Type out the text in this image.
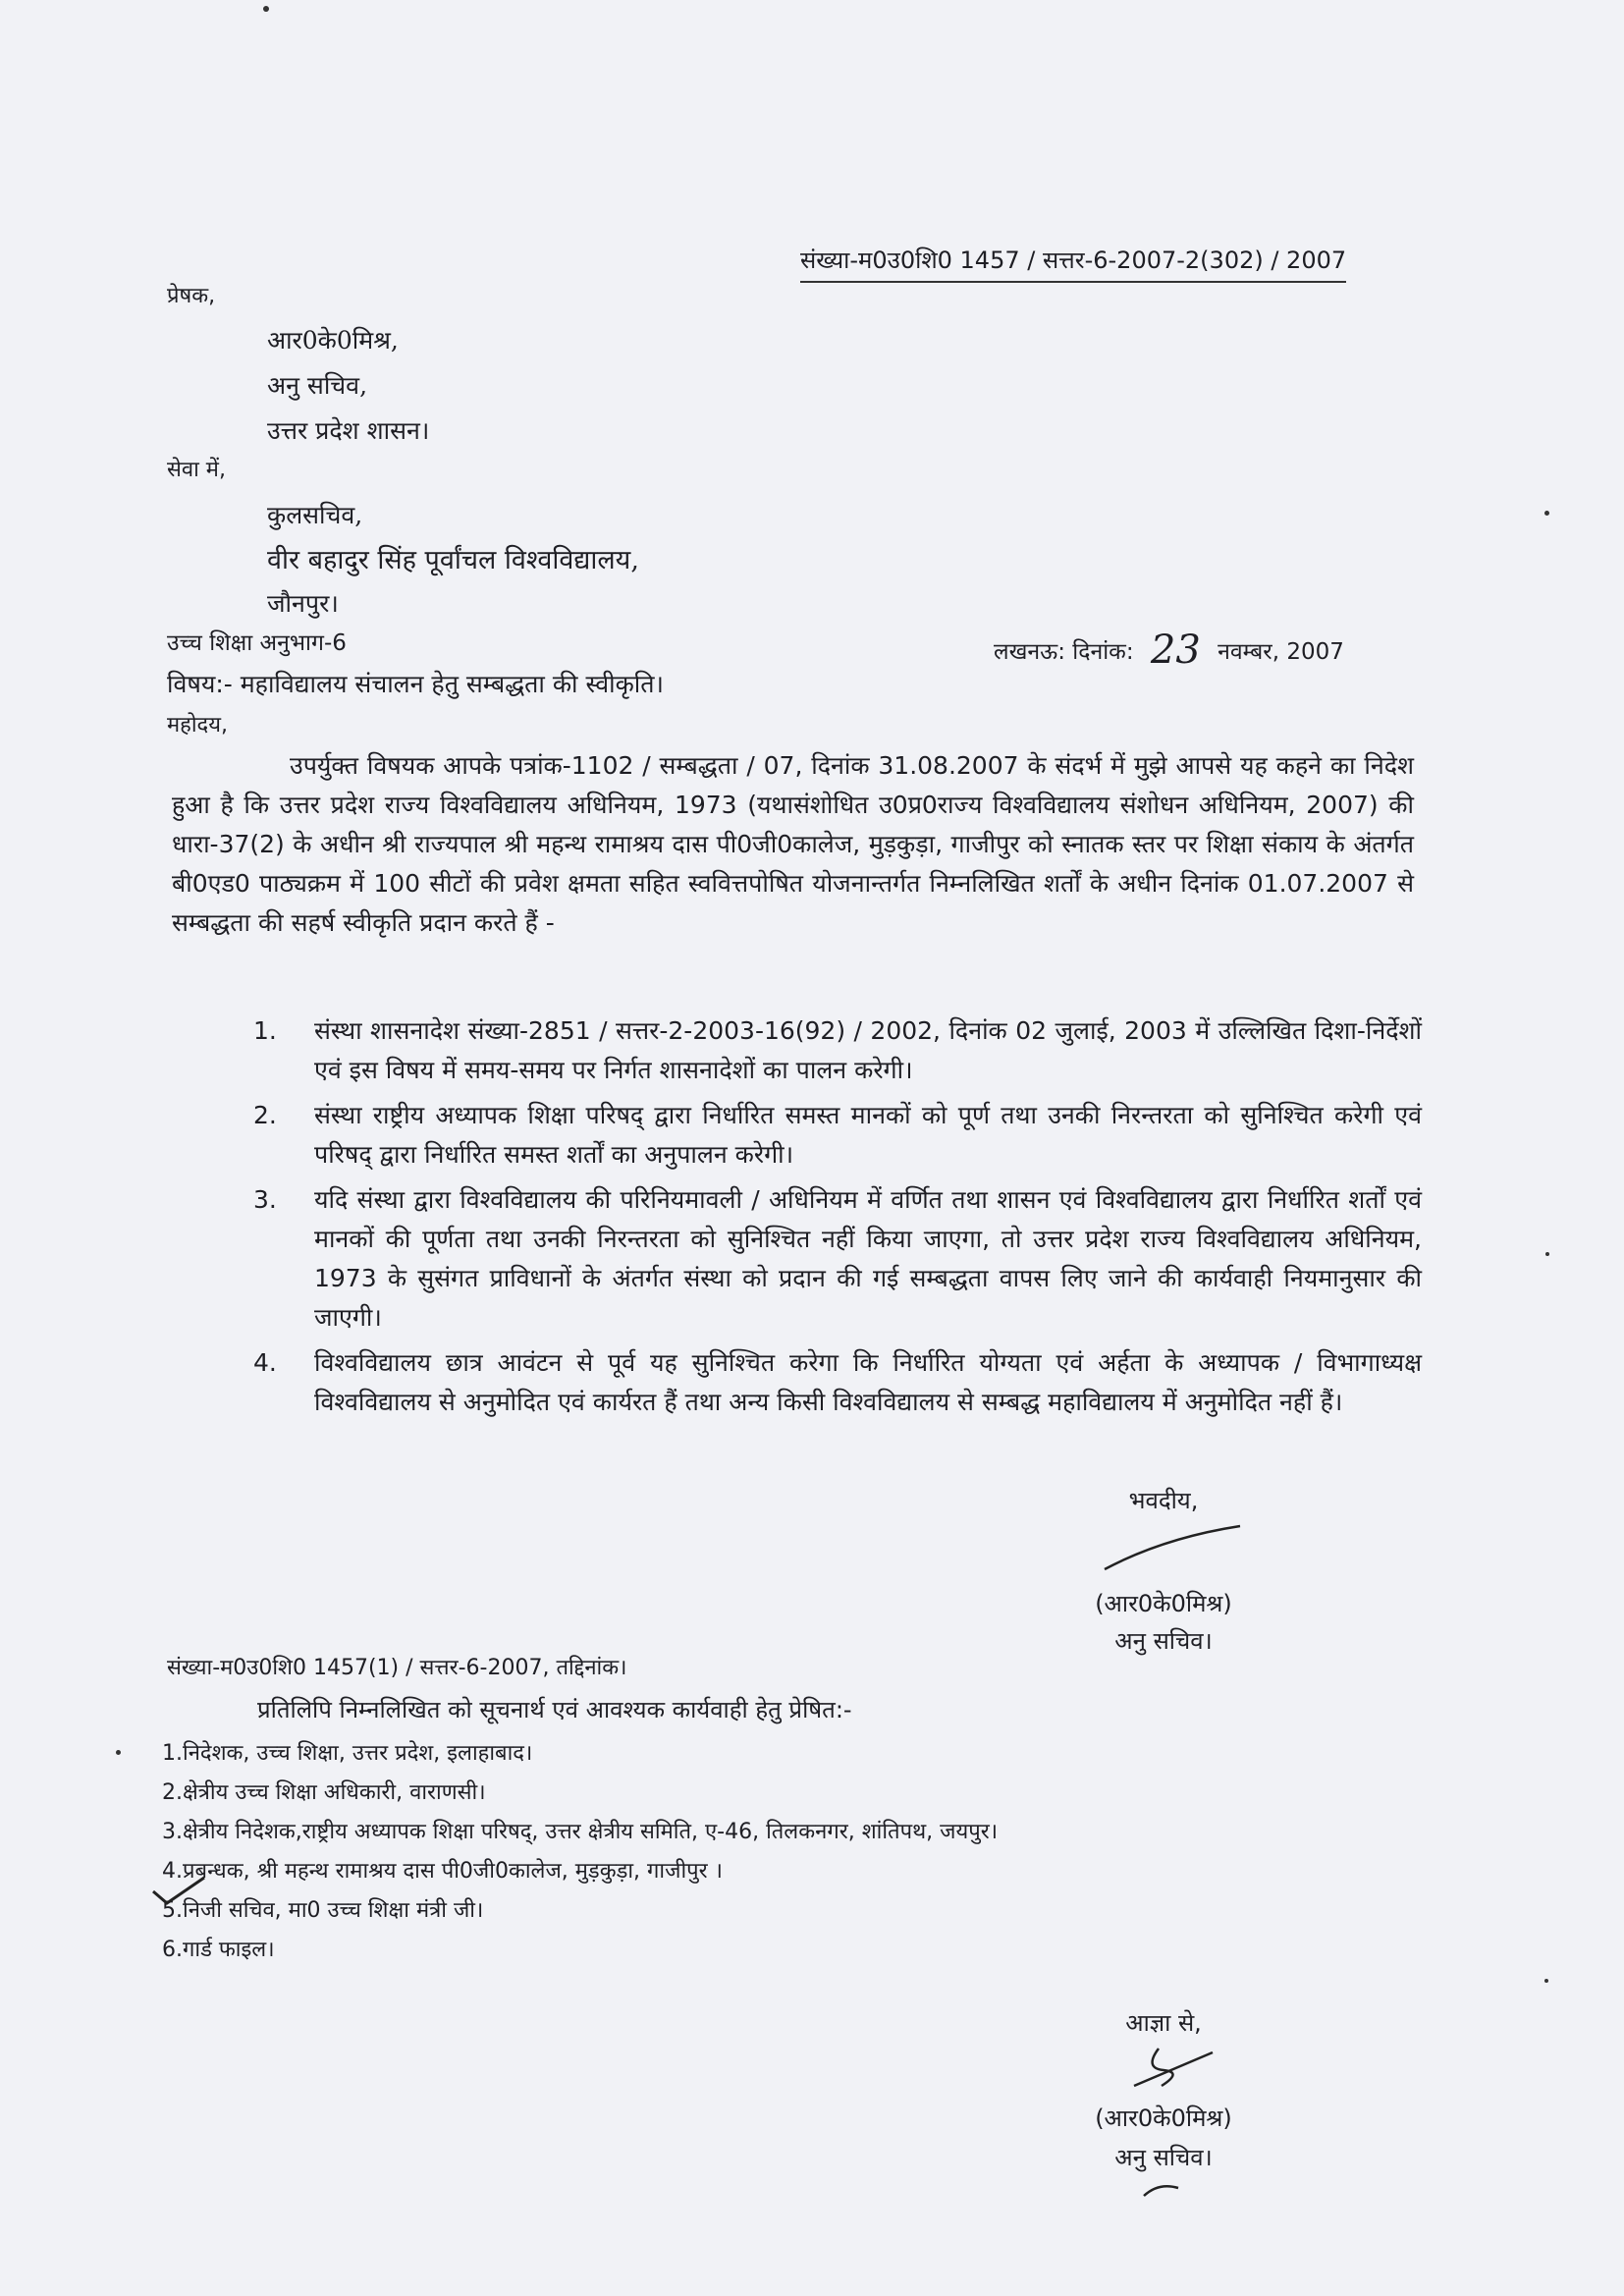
संख्या-म0उ0शि0 1457 / सत्तर-6-2007-2(302) / 2007

प्रेषक,

आर0के0मिश्र,

अनु सचिव,

उत्तर प्रदेश शासन।

सेवा में,

कुलसचिव,

वीर बहादुर सिंह पूर्वांचल विश्वविद्यालय,

जौनपुर।

उच्च शिक्षा अनुभाग-6	लखनऊ: दिनांक: 23 नवम्बर, 2007

विषय:- महाविद्यालय संचालन हेतु सम्बद्धता की स्वीकृति।

महोदय,

उपर्युक्त विषयक आपके पत्रांक-1102 / सम्बद्धता / 07, दिनांक 31.08.2007 के संदर्भ में मुझे आपसे यह कहने का निदेश हुआ है कि उत्तर प्रदेश राज्य विश्वविद्यालय अधिनियम, 1973 (यथासंशोधित उ0प्र0राज्य विश्वविद्यालय संशोधन अधिनियम, 2007) की धारा-37(2) के अधीन श्री राज्यपाल श्री महन्थ रामाश्रय दास पी0जी0कालेज, मुड़कुड़ा, गाजीपुर को स्नातक स्तर पर शिक्षा संकाय के अंतर्गत बी0एड0 पाठ्यक्रम में 100 सीटों की प्रवेश क्षमता सहित स्ववित्तपोषित योजनान्तर्गत निम्नलिखित शर्तों के अधीन दिनांक 01.07.2007 से सम्बद्धता की सहर्ष स्वीकृति प्रदान करते हैं -

1. संस्था शासनादेश संख्या-2851 / सत्तर-2-2003-16(92) / 2002, दिनांक 02 जुलाई, 2003 में उल्लिखित दिशा-निर्देशों एवं इस विषय में समय-समय पर निर्गत शासनादेशों का पालन करेगी।
2. संस्था राष्ट्रीय अध्यापक शिक्षा परिषद् द्वारा निर्धारित समस्त मानकों को पूर्ण तथा उनकी निरन्तरता को सुनिश्चित करेगी एवं परिषद् द्वारा निर्धारित समस्त शर्तों का अनुपालन करेगी।
3. यदि संस्था द्वारा विश्वविद्यालय की परिनियमावली / अधिनियम में वर्णित तथा शासन एवं विश्वविद्यालय द्वारा निर्धारित शर्तों एवं मानकों की पूर्णता तथा उनकी निरन्तरता को सुनिश्चित नहीं किया जाएगा, तो उत्तर प्रदेश राज्य विश्वविद्यालय अधिनियम, 1973 के सुसंगत प्राविधानों के अंतर्गत संस्था को प्रदान की गई सम्बद्धता वापस लिए जाने की कार्यवाही नियमानुसार की जाएगी।
4. विश्वविद्यालय छात्र आवंटन से पूर्व यह सुनिश्चित करेगा कि निर्धारित योग्यता एवं अर्हता के अध्यापक / विभागाध्यक्ष विश्वविद्यालय से अनुमोदित एवं कार्यरत हैं तथा अन्य किसी विश्वविद्यालय से सम्बद्ध महाविद्यालय में अनुमोदित नहीं हैं।
भवदीय,
(आर0के0मिश्र)
अनु सचिव।

संख्या-म0उ0शि0 1457(1) / सत्तर-6-2007, तद्दिनांक।

प्रतिलिपि निम्नलिखित को सूचनार्थ एवं आवश्यक कार्यवाही हेतु प्रेषित:-

1.निदेशक, उच्च शिक्षा, उत्तर प्रदेश, इलाहाबाद।
2.क्षेत्रीय उच्च शिक्षा अधिकारी, वाराणसी।
3.क्षेत्रीय निदेशक,राष्ट्रीय अध्यापक शिक्षा परिषद्, उत्तर क्षेत्रीय समिति, ए-46, तिलकनगर, शांतिपथ, जयपुर।
4.प्रबन्धक, श्री महन्थ रामाश्रय दास पी0जी0कालेज, मुड़कुड़ा, गाजीपुर ।
5.निजी सचिव, मा0 उच्च शिक्षा मंत्री जी।
6.गार्ड फाइल।
आज्ञा से,
(आर0के0मिश्र)
अनु सचिव।
